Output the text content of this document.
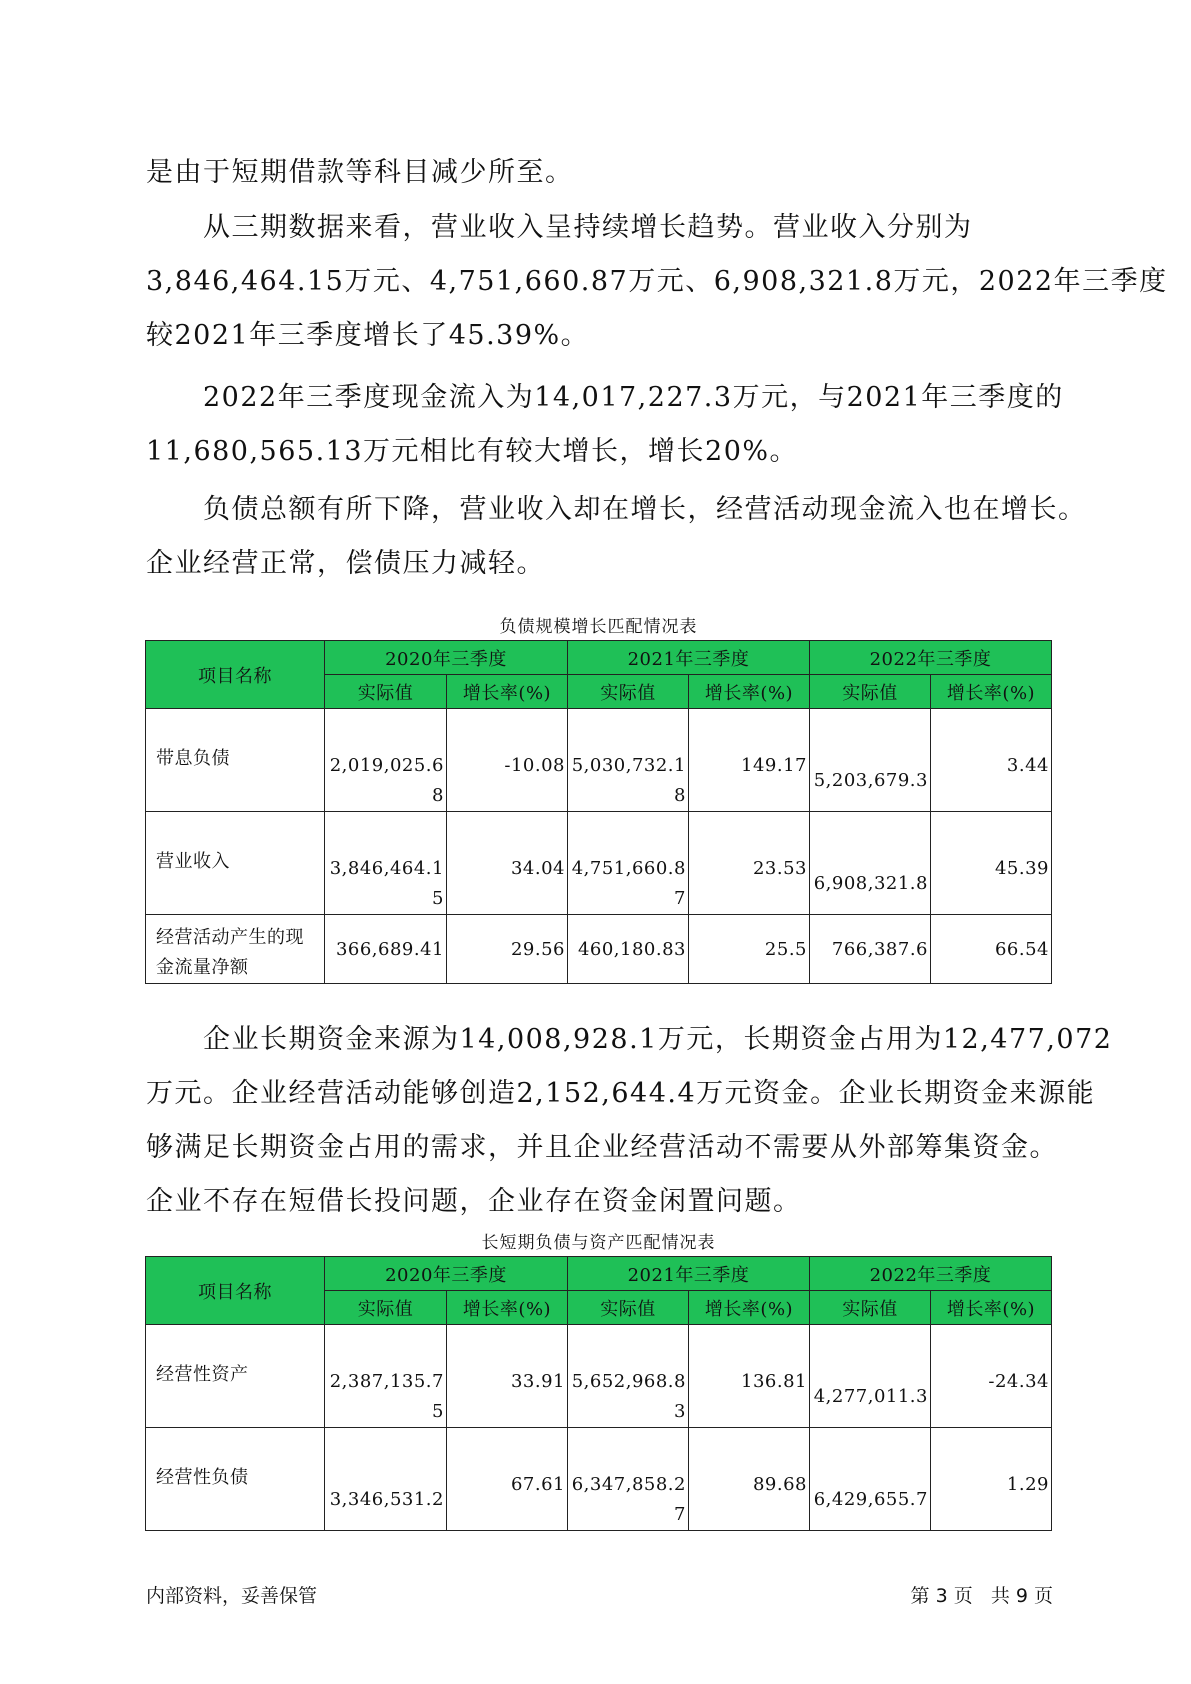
是由于短期借款等科目减少所至。

　　从三期数据来看，营业收入呈持续增长趋势。营业收入分别为
3,846,464.15万元、4,751,660.87万元、6,908,321.8万元，2022年三季度
较2021年三季度增长了45.39%。

　　2022年三季度现金流入为14,017,227.3万元，与2021年三季度的
11,680,565.13万元相比有较大增长，增长20%。

　　负债总额有所下降，营业收入却在增长，经营活动现金流入也在增长。
企业经营正常，偿债压力减轻。

负债规模增长匹配情况表
项目名称	2020年三季度		2021年三季度		2022年三季度	
	实际值	增长率(%)	实际值	增长率(%)	实际值	增长率(%)

带息负债	2,019,025.68	-10.08	5,030,732.18	149.17	5,203,679.3	3.44

营业收入	3,846,464.15	34.04	4,751,660.87	23.53	6,908,321.8	45.39

经营活动产生的现金流量净额	366,689.41	29.56	460,180.83	25.5	766,387.6	66.54

　　企业长期资金来源为14,008,928.1万元，长期资金占用为12,477,072
万元。企业经营活动能够创造2,152,644.4万元资金。企业长期资金来源能
够满足长期资金占用的需求，并且企业经营活动不需要从外部筹集资金。
企业不存在短借长投问题，企业存在资金闲置问题。

长短期负债与资产匹配情况表
项目名称	2020年三季度		2021年三季度		2022年三季度	
	实际值	增长率(%)	实际值	增长率(%)	实际值	增长率(%)

经营性资产	2,387,135.75	33.91	5,652,968.83	136.81	4,277,011.3	-24.34

经营性负债	3,346,531.2	67.61	6,347,858.27	89.68	6,429,655.7	1.29
内部资料，妥善保管	第 3 页   共 9 页
